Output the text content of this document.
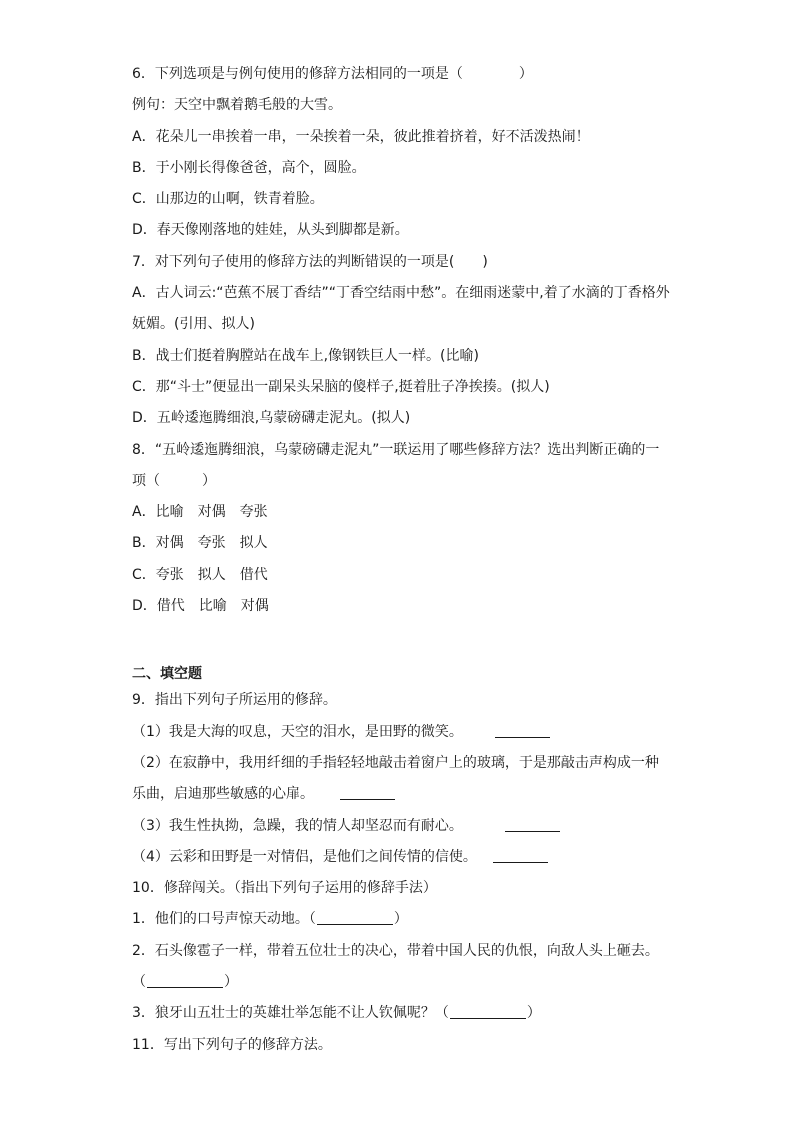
6．下列选项是与例句使用的修辞方法相同的一项是（　　　　）
例句：天空中飘着鹅毛般的大雪。
A．花朵儿一串挨着一串，一朵挨着一朵，彼此推着挤着，好不活泼热闹！
B．于小刚长得像爸爸，高个，圆脸。
C．山那边的山啊，铁青着脸。
D．春天像刚落地的娃娃，从头到脚都是新。
7．对下列句子使用的修辞方法的判断错误的一项是(　　)
A．古人词云:“芭蕉不展丁香结”“丁香空结雨中愁”。在细雨迷蒙中,着了水滴的丁香格外
妩媚。(引用、拟人)
B．战士们挺着胸膛站在战车上,像钢铁巨人一样。(比喻)
C．那“斗士”便显出一副呆头呆脑的傻样子,挺着肚子净挨揍。(拟人)
D．五岭逶迤腾细浪,乌蒙磅礴走泥丸。(拟人)
8．“五岭逶迤腾细浪，乌蒙磅礴走泥丸”一联运用了哪些修辞方法？选出判断正确的一
项（　　　）
A．比喻　对偶　夸张
B．对偶　夸张　拟人
C．夸张　拟人　借代
D．借代　比喻　对偶
二、填空题
9．指出下列句子所运用的修辞。
（1）我是大海的叹息，天空的泪水，是田野的微笑。
（2）在寂静中，我用纤细的手指轻轻地敲击着窗户上的玻璃，于是那敲击声构成一种
乐曲，启迪那些敏感的心扉。
（3）我生性执拗，急躁，我的情人却坚忍而有耐心。
（4）云彩和田野是一对情侣，是他们之间传情的信使。
10．修辞闯关。（指出下列句子运用的修辞手法）
1．他们的口号声惊天动地。（	）
2．石头像雹子一样，带着五位壮士的决心，带着中国人民的仇恨，向敌人头上砸去。
（	）
3．狼牙山五壮士的英雄壮举怎能不让人钦佩呢？（	）
11．写出下列句子的修辞方法。
